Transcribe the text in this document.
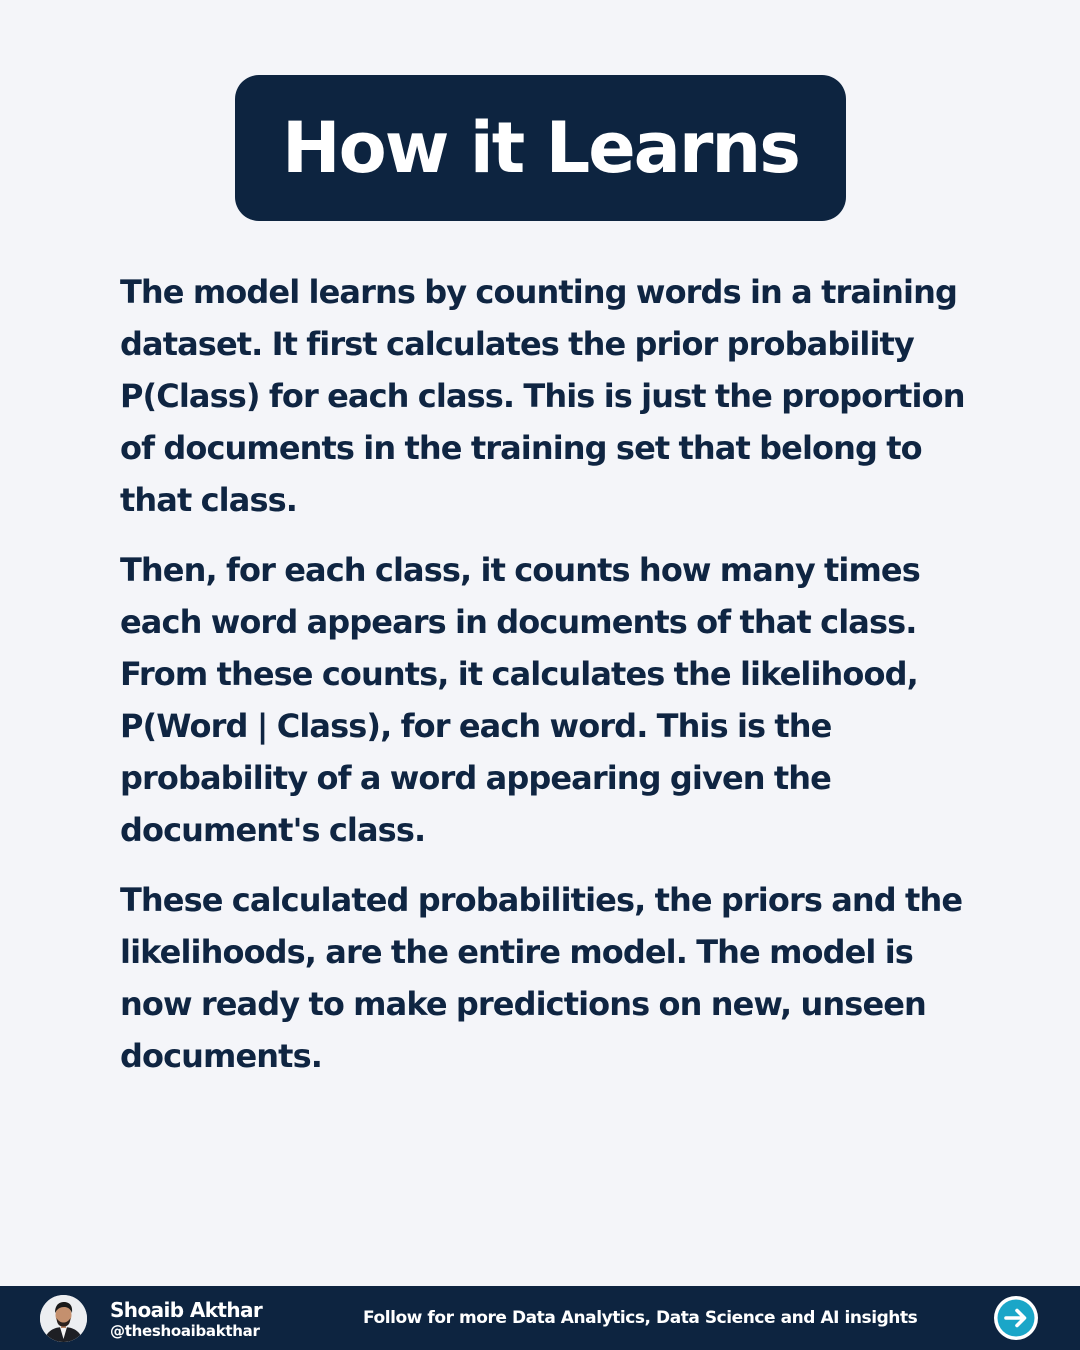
How it Learns

The model learns by counting words in a training dataset. It first calculates the prior probability P(Class) for each class. This is just the proportion of documents in the training set that belong to that class.

Then, for each class, it counts how many times each word appears in documents of that class. From these counts, it calculates the likelihood, P(Word | Class), for each word. This is the probability of a word appearing given the document's class.

These calculated probabilities, the priors and the likelihoods, are the entire model. The model is now ready to make predictions on new, unseen documents.

Shoaib Akthar
@theshoaibakthar
Follow for more Data Analytics, Data Science and AI insights
